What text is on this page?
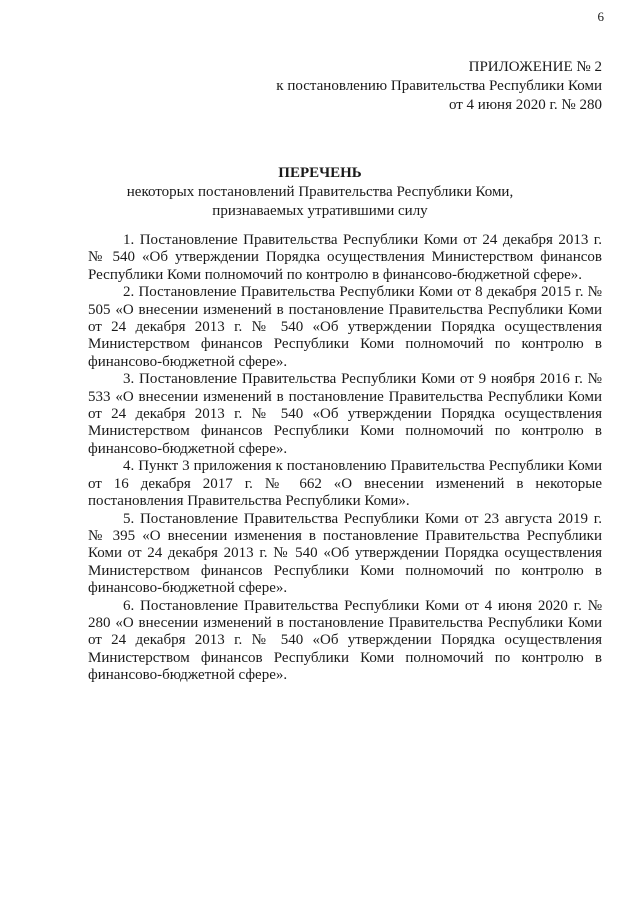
6
ПРИЛОЖЕНИЕ № 2
к постановлению Правительства Республики Коми
от 4 июня 2020 г. № 280
ПЕРЕЧЕНЬ
некоторых постановлений Правительства Республики Коми,
признаваемых утратившими силу

1. Постановление Правительства Республики Коми от 24 декабря 2013 г. № 540 «Об утверждении Порядка осуществления Министерством финансов Республики Коми полномочий по контролю в финансово-бюджетной сфере».

2. Постановление Правительства Республики Коми от 8 декабря 2015 г. № 505 «О внесении изменений в постановление Правительства Республики Коми от 24 декабря 2013 г. № 540 «Об утверждении Порядка осуществления Министерством финансов Республики Коми полномочий по контролю в финансово-бюджетной сфере».

3. Постановление Правительства Республики Коми от 9 ноября 2016 г. № 533 «О внесении изменений в постановление Правительства Республики Коми от 24 декабря 2013 г. № 540 «Об утверждении Порядка осуществления Министерством финансов Республики Коми полномочий по контролю в финансово-бюджетной сфере».

4. Пункт 3 приложения к постановлению Правительства Республики Коми от 16 декабря 2017 г. № 662 «О внесении изменений в некоторые постановления Правительства Республики Коми».

5. Постановление Правительства Республики Коми от 23 августа 2019 г. № 395 «О внесении изменения в постановление Правительства Республики Коми от 24 декабря 2013 г. № 540 «Об утверждении Порядка осуществления Министерством финансов Республики Коми полномочий по контролю в финансово-бюджетной сфере».

6. Постановление Правительства Республики Коми от 4 июня 2020 г. № 280 «О внесении изменений в постановление Правительства Республики Коми от 24 декабря 2013 г. № 540 «Об утверждении Порядка осуществления Министерством финансов Республики Коми полномочий по контролю в финансово-бюджетной сфере».
